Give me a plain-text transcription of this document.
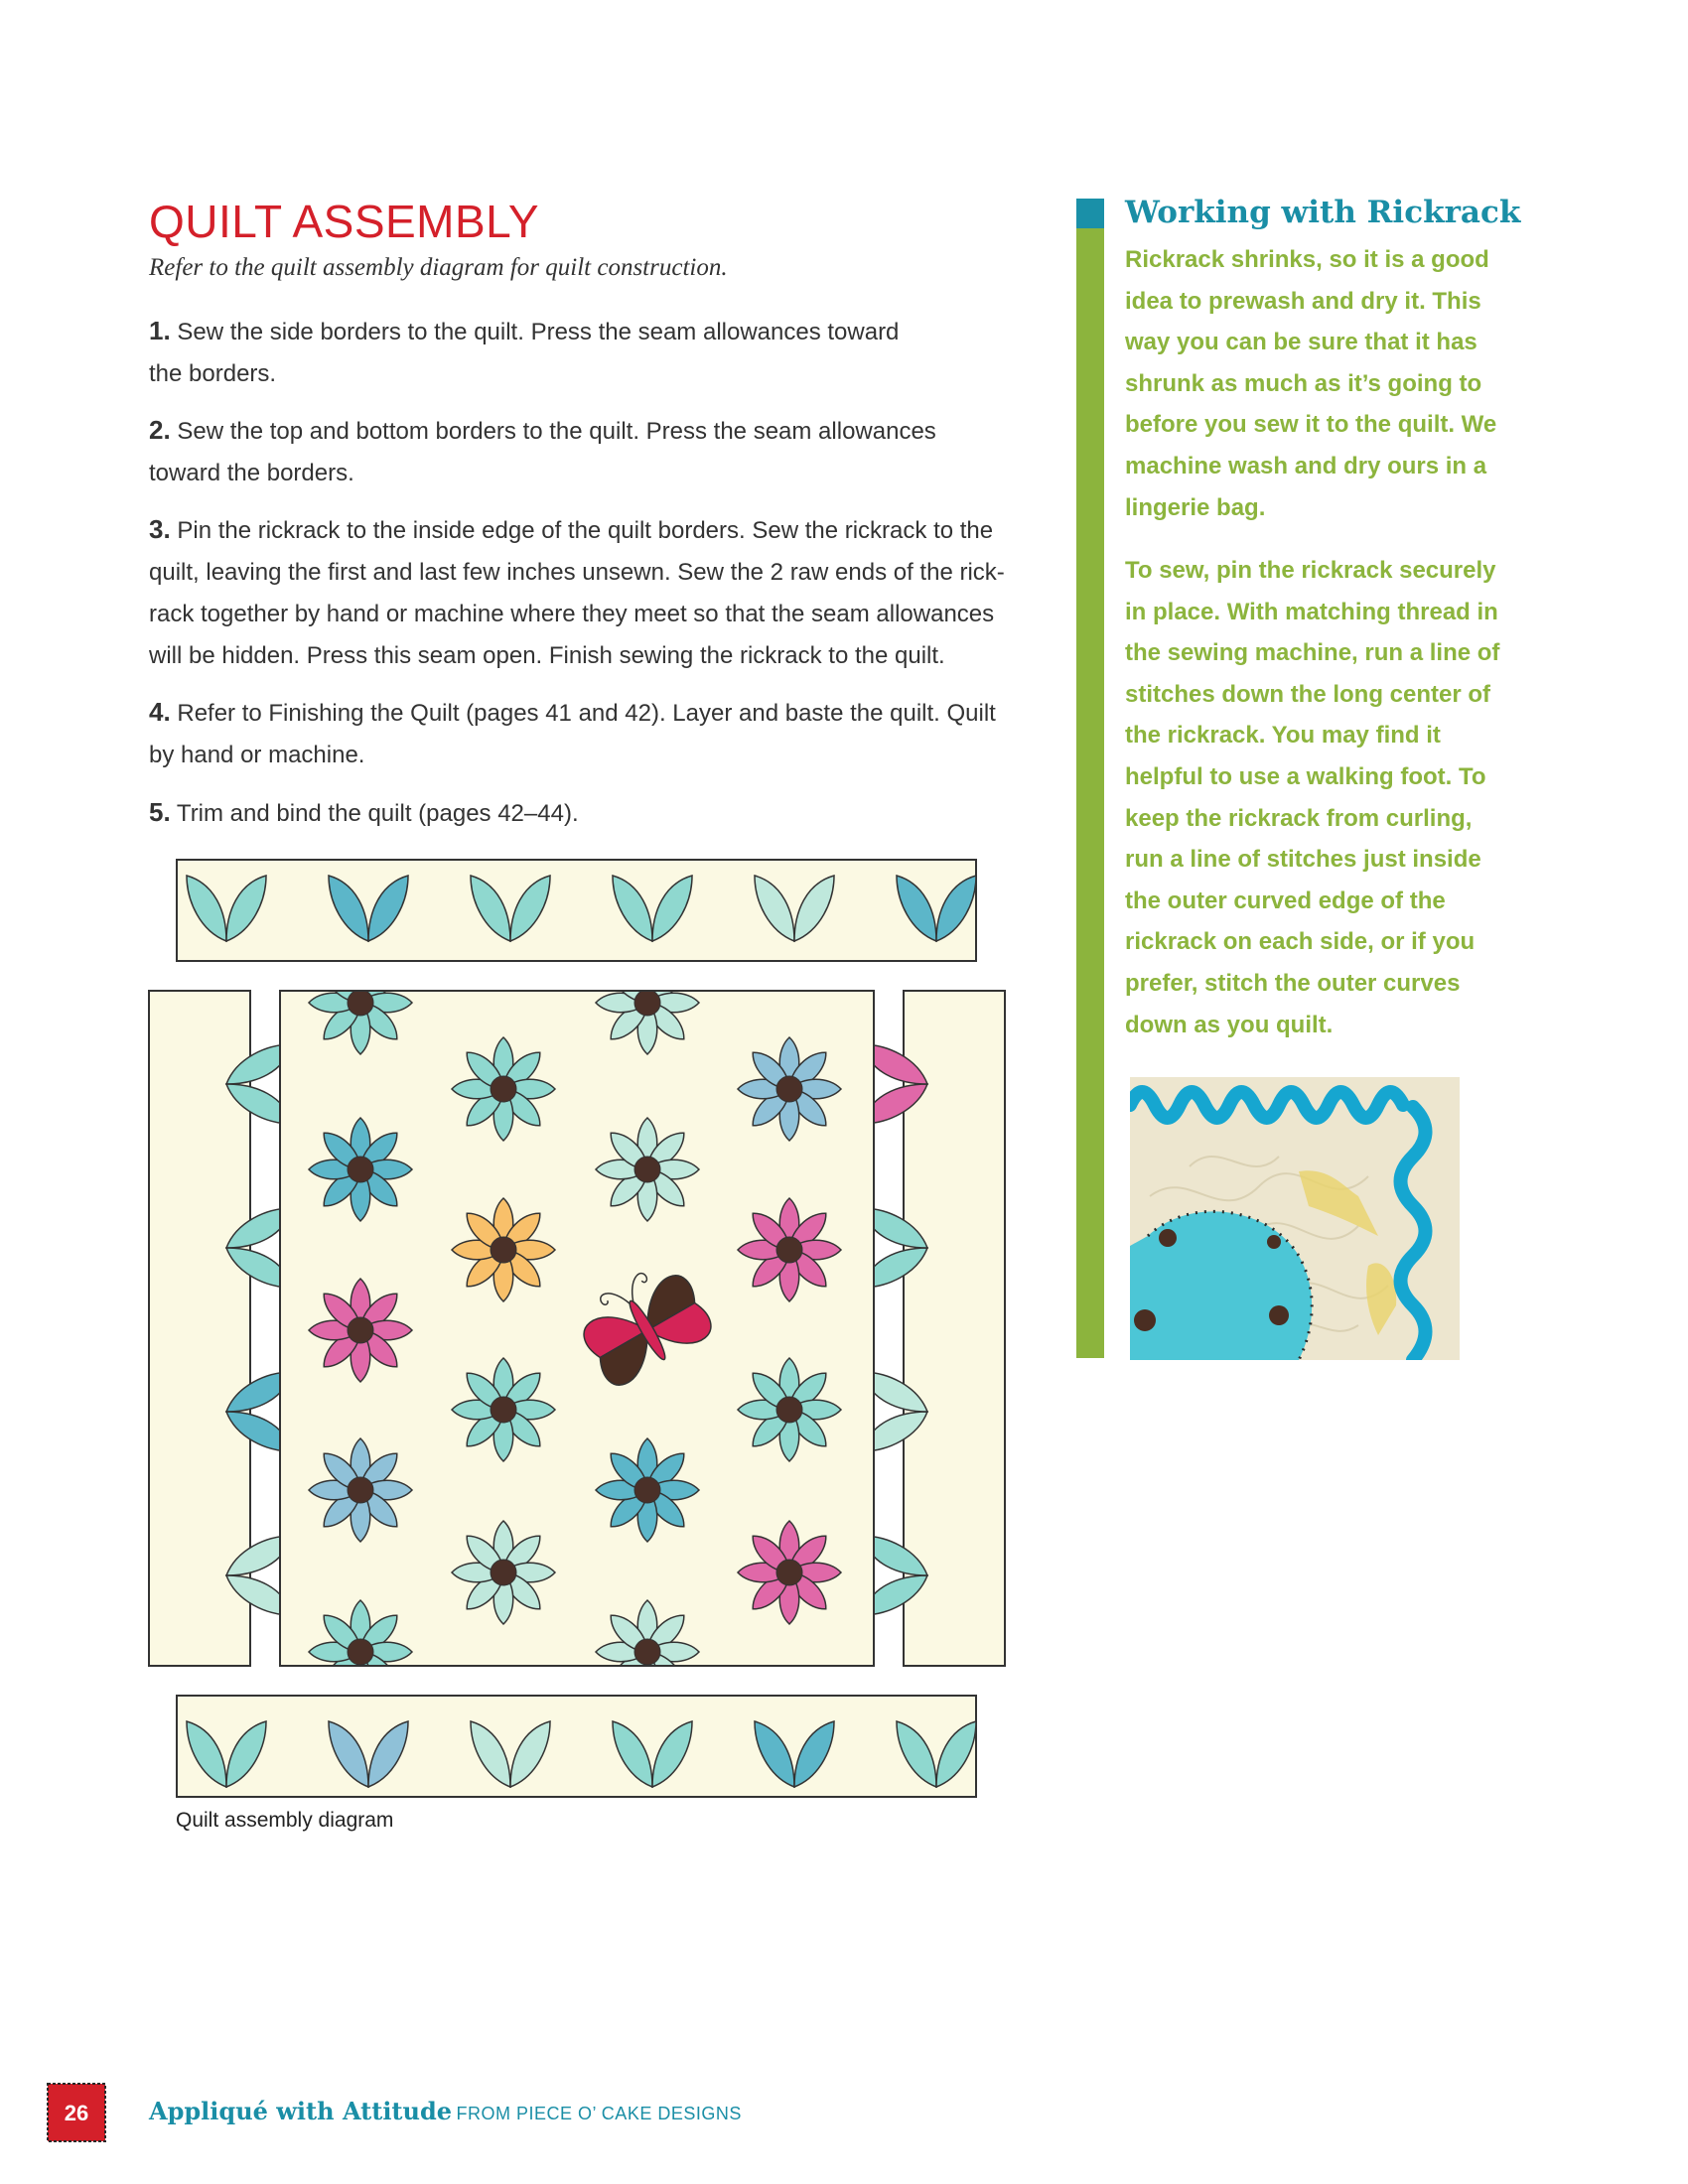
QUILT ASSEMBLY

Refer to the quilt assembly diagram for quilt construction.

1. Sew the side borders to the quilt. Press the seam allowances toward the borders.

2. Sew the top and bottom borders to the quilt. Press the seam allowances toward the borders.

3. Pin the rickrack to the inside edge of the quilt borders. Sew the rickrack to the quilt, leaving the first and last few inches unsewn. Sew the 2 raw ends of the rick-rack together by hand or machine where they meet so that the seam allowances will be hidden. Press this seam open. Finish sewing the rickrack to the quilt.

4. Refer to Finishing the Quilt (pages 41 and 42). Layer and baste the quilt. Quilt by hand or machine.

5. Trim and bind the quilt (pages 42–44).

Quilt assembly diagram

Working with Rickrack

Rickrack shrinks, so it is a good idea to prewash and dry it. This way you can be sure that it has shrunk as much as it’s going to before you sew it to the quilt. We machine wash and dry ours in a lingerie bag.

To sew, pin the rickrack securely in place. With matching thread in the sewing machine, run a line of stitches down the long center of the rickrack. You may find it helpful to use a walking foot. To keep the rickrack from curling, run a line of stitches just inside the outer curved edge of the rickrack on each side, or if you prefer, stitch the outer curves down as you quilt.

26	Appliqué with Attitude FROM PIECE O’ CAKE DESIGNS
